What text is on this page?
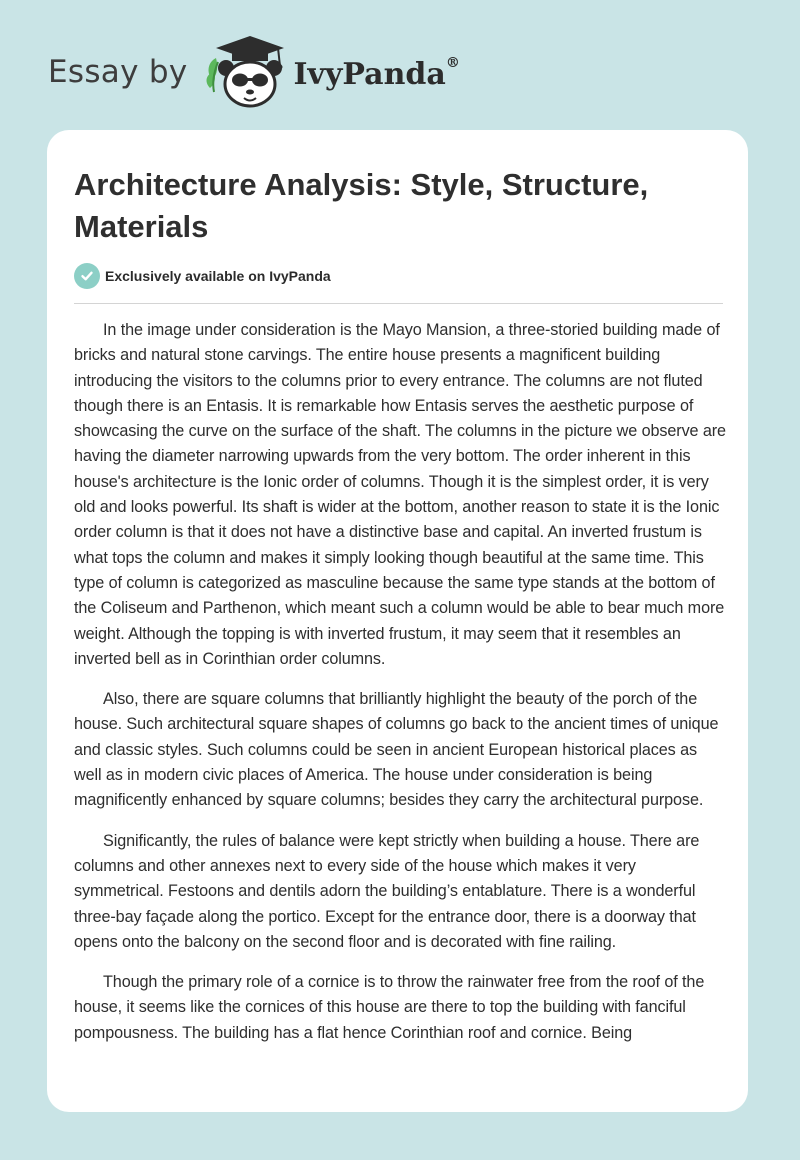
Essay by	IvyPanda®
Architecture Analysis: Style, Structure, Materials
Exclusively available on IvyPanda

In the image under consideration is the Mayo Mansion, a three-storied building made of bricks and natural stone carvings. The entire house presents a magnificent building introducing the visitors to the columns prior to every entrance. The columns are not fluted though there is an Entasis. It is remarkable how Entasis serves the aesthetic purpose of showcasing the curve on the surface of the shaft. The columns in the picture we observe are having the diameter narrowing upwards from the very bottom. The order inherent in this house's architecture is the Ionic order of columns. Though it is the simplest order, it is very old and looks powerful. Its shaft is wider at the bottom, another reason to state it is the Ionic order column is that it does not have a distinctive base and capital. An inverted frustum is what tops the column and makes it simply looking though beautiful at the same time. This type of column is categorized as masculine because the same type stands at the bottom of the Coliseum and Parthenon, which meant such a column would be able to bear much more weight. Although the topping is with inverted frustum, it may seem that it resembles an inverted bell as in Corinthian order columns.

Also, there are square columns that brilliantly highlight the beauty of the porch of the house. Such architectural square shapes of columns go back to the ancient times of unique and classic styles. Such columns could be seen in ancient European historical places as well as in modern civic places of America. The house under consideration is being magnificently enhanced by square columns; besides they carry the architectural purpose.

Significantly, the rules of balance were kept strictly when building a house. There are columns and other annexes next to every side of the house which makes it very symmetrical. Festoons and dentils adorn the building’s entablature. There is a wonderful three-bay façade along the portico. Except for the entrance door, there is a doorway that opens onto the balcony on the second floor and is decorated with fine railing.

Though the primary role of a cornice is to throw the rainwater free from the roof of the house, it seems like the cornices of this house are there to top the building with fanciful pompousness. The building has a flat hence Corinthian roof and cornice. Being
